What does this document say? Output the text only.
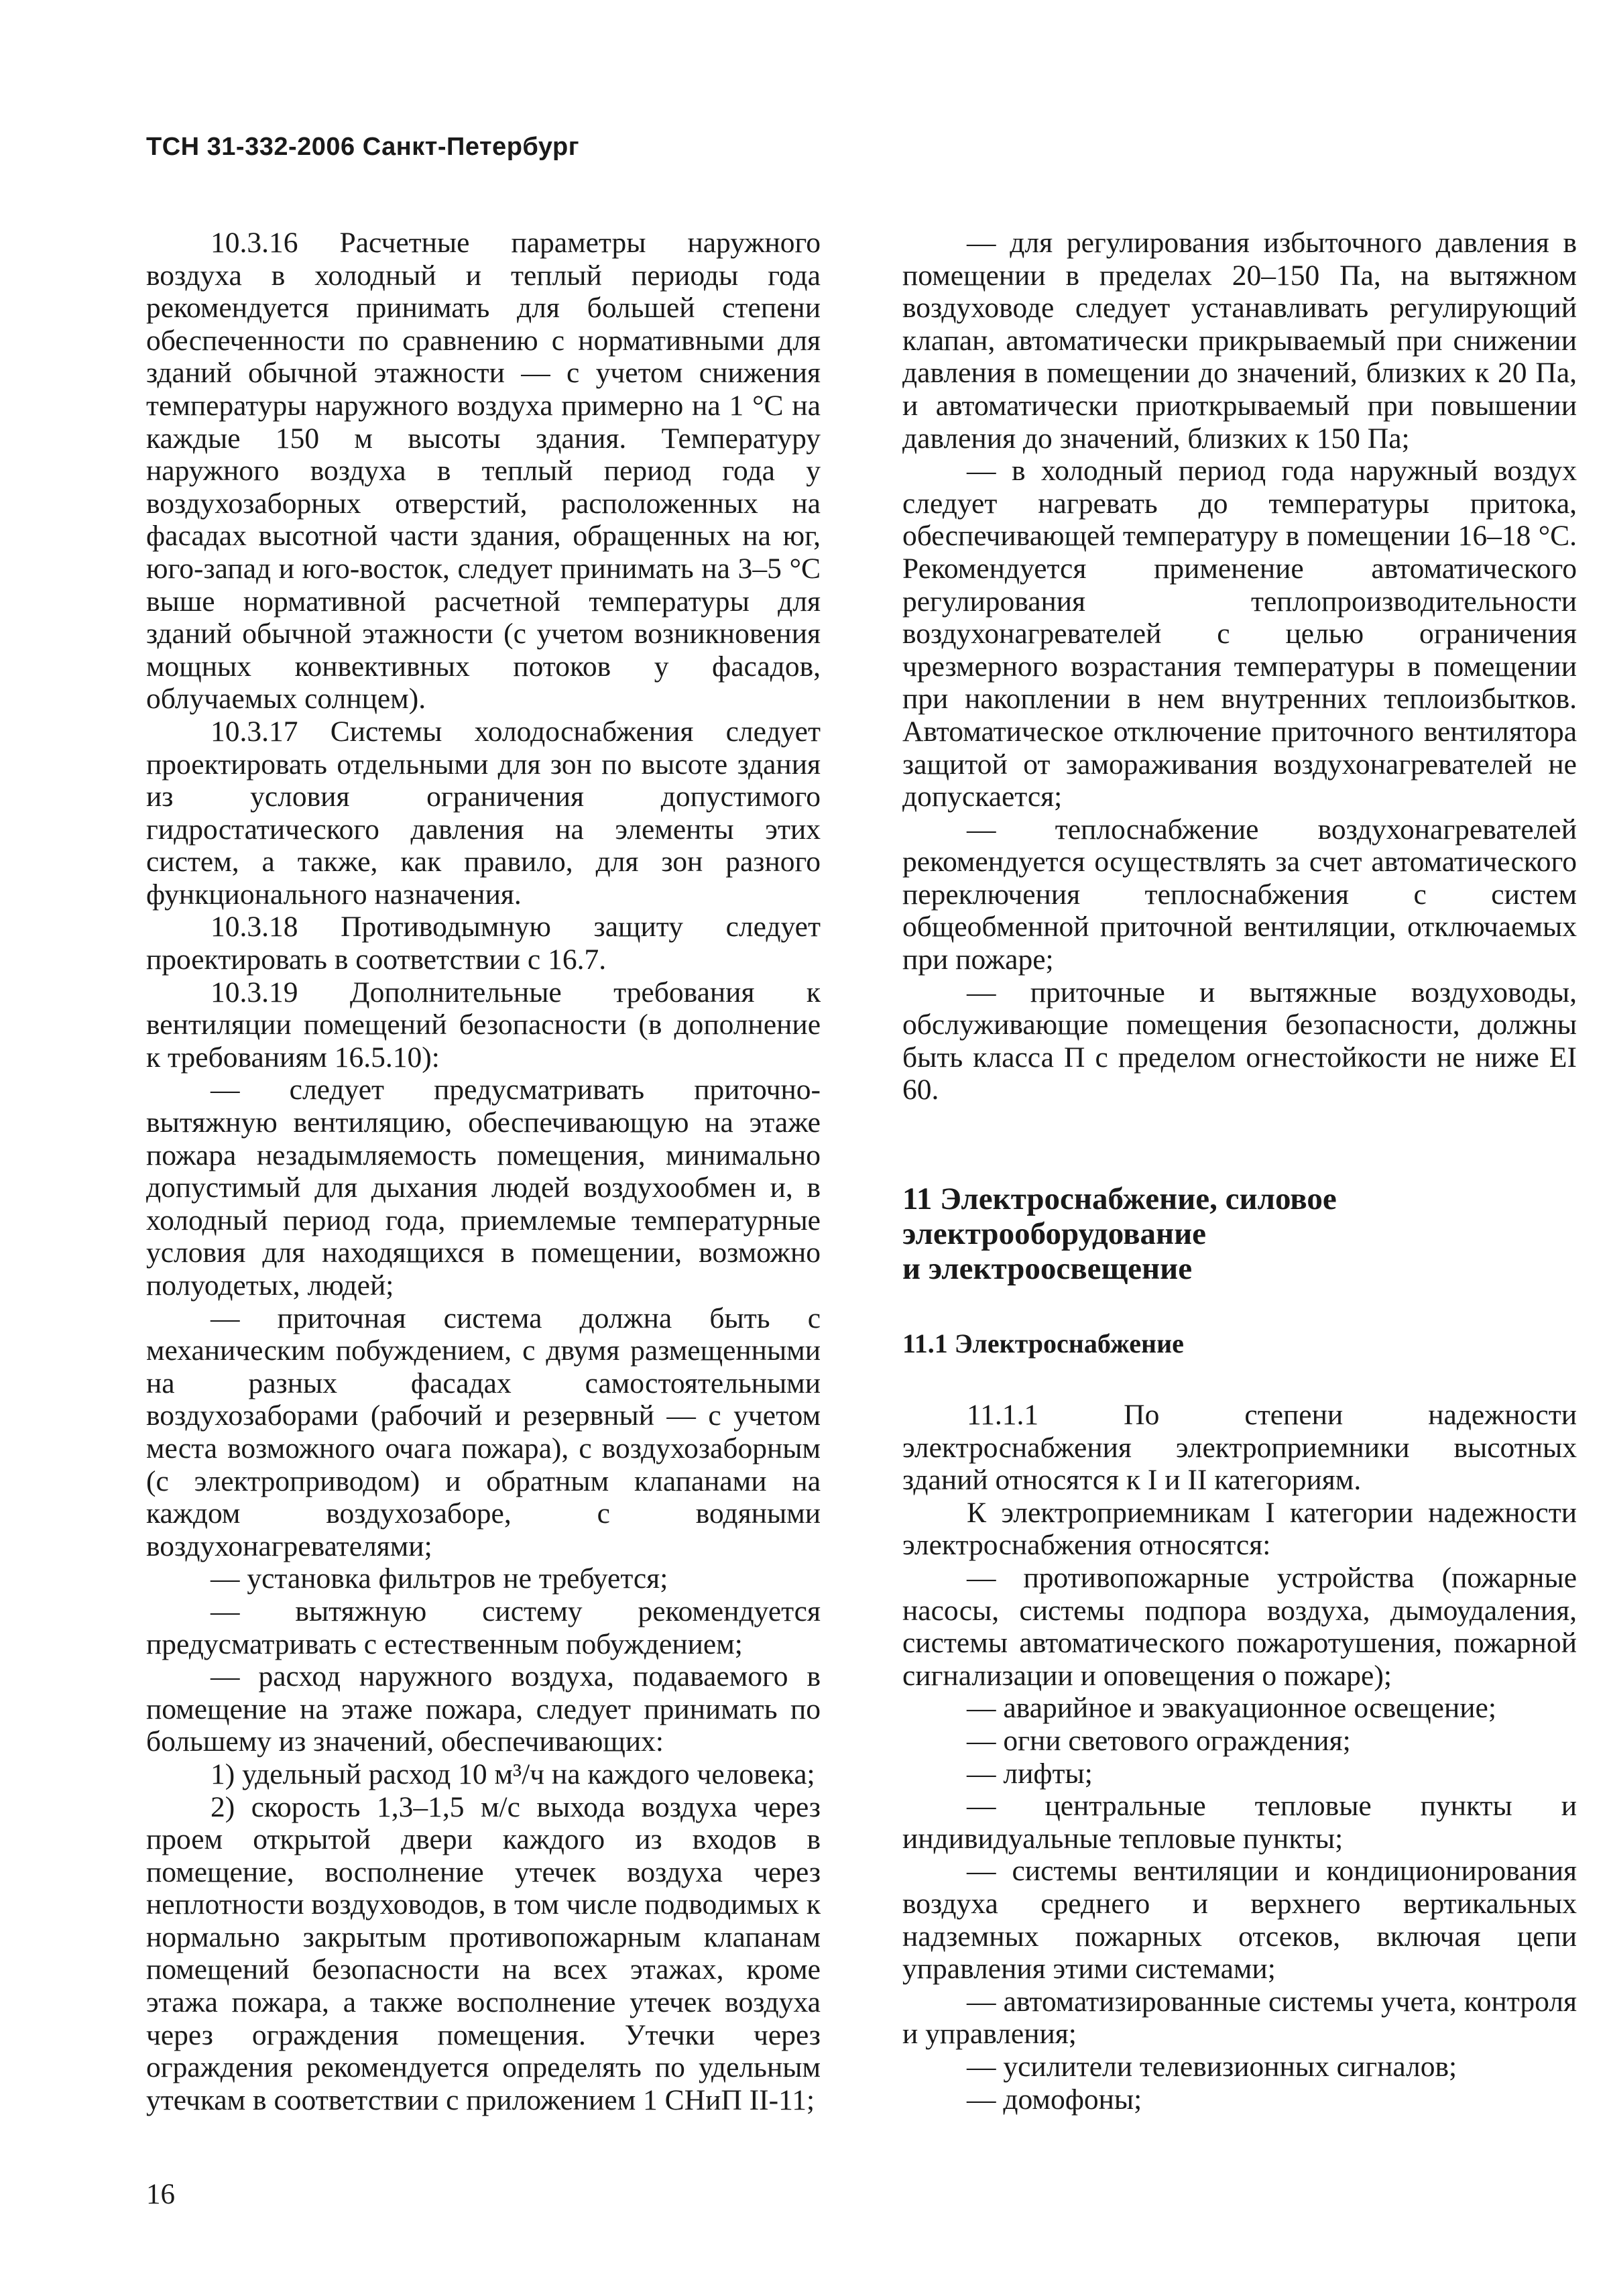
ТСН 31-332-2006 Санкт-Петербург

10.3.16 Расчетные параметры наружного воздуха в холодный и теплый периоды года рекомендуется принимать для большей степени обеспеченности по сравнению с нормативными для зданий обычной этажности — с учетом снижения температуры наружного воздуха примерно на 1 °С на каждые 150 м высоты здания. Температуру наружного воздуха в теплый период года у воздухозаборных отверстий, расположенных на фасадах высотной части здания, обращенных на юг, юго-запад и юго-восток, следует принимать на 3–5 °С выше нормативной расчетной температуры для зданий обычной этажности (с учетом возникновения мощных конвективных потоков у фасадов, облучаемых солнцем).

10.3.17 Системы холодоснабжения следует проектировать отдельными для зон по высоте здания из условия ограничения допустимого гидростатического давления на элементы этих систем, а также, как правило, для зон разного функционального назначения.

10.3.18 Противодымную защиту следует проектировать в соответствии с 16.7.

10.3.19 Дополнительные требования к вентиляции помещений безопасности (в дополнение к требованиям 16.5.10):

— следует предусматривать приточно-вытяжную вентиляцию, обеспечивающую на этаже пожара незадымляемость помещения, минимально допустимый для дыхания людей воздухообмен и, в холодный период года, приемлемые температурные условия для находящихся в помещении, возможно полуодетых, людей;

— приточная система должна быть с механическим побуждением, с двумя размещенными на разных фасадах самостоятельными воздухозаборами (рабочий и резервный — с учетом места возможного очага пожара), с воздухозаборным (с электроприводом) и обратным клапанами на каждом воздухозаборе, с водяными воздухонагревателями;

— установка фильтров не требуется;

— вытяжную систему рекомендуется предусматривать с естественным побуждением;

— расход наружного воздуха, подаваемого в помещение на этаже пожара, следует принимать по большему из значений, обеспечивающих:

1) удельный расход 10 м³/ч на каждого человека;

2) скорость 1,3–1,5 м/с выхода воздуха через проем открытой двери каждого из входов в помещение, восполнение утечек воздуха через неплотности воздуховодов, в том числе подводимых к нормально закрытым противопожарным клапанам помещений безопасности на всех этажах, кроме этажа пожара, а также восполнение утечек воздуха через ограждения помещения. Утечки через ограждения рекомендуется определять по удельным утечкам в соответствии с приложением 1 СНиП II-11;

— для регулирования избыточного давления в помещении в пределах 20–150 Па, на вытяжном воздуховоде следует устанавливать регулирующий клапан, автоматически прикрываемый при снижении давления в помещении до значений, близких к 20 Па, и автоматически приоткрываемый при повышении давления до значений, близких к 150 Па;

— в холодный период года наружный воздух следует нагревать до температуры притока, обеспечивающей температуру в помещении 16–18 °С. Рекомендуется применение автоматического регулирования теплопроизводительности воздухонагревателей с целью ограничения чрезмерного возрастания температуры в помещении при накоплении в нем внутренних теплоизбытков. Автоматическое отключение приточного вентилятора защитой от замораживания воздухонагревателей не допускается;

— теплоснабжение воздухонагревателей рекомендуется осуществлять за счет автоматического переключения теплоснабжения с систем общеобменной приточной вентиляции, отключаемых при пожаре;

— приточные и вытяжные воздуховоды, обслуживающие помещения безопасности, должны быть класса П с пределом огнестойкости не ниже EI 60.

11 Электроснабжение, силовое
электрооборудование
и электроосвещение
11.1 Электроснабжение

11.1.1 По степени надежности электроснабжения электроприемники высотных зданий относятся к I и II категориям.

К электроприемникам I категории надежности электроснабжения относятся:

— противопожарные устройства (пожарные насосы, системы подпора воздуха, дымоудаления, системы автоматического пожаротушения, пожарной сигнализации и оповещения о пожаре);

— аварийное и эвакуационное освещение;

— огни светового ограждения;

— лифты;

— центральные тепловые пункты и индивидуальные тепловые пункты;

— системы вентиляции и кондиционирования воздуха среднего и верхнего вертикальных надземных пожарных отсеков, включая цепи управления этими системами;

— автоматизированные системы учета, контроля и управления;

— усилители телевизионных сигналов;

— домофоны;

16
